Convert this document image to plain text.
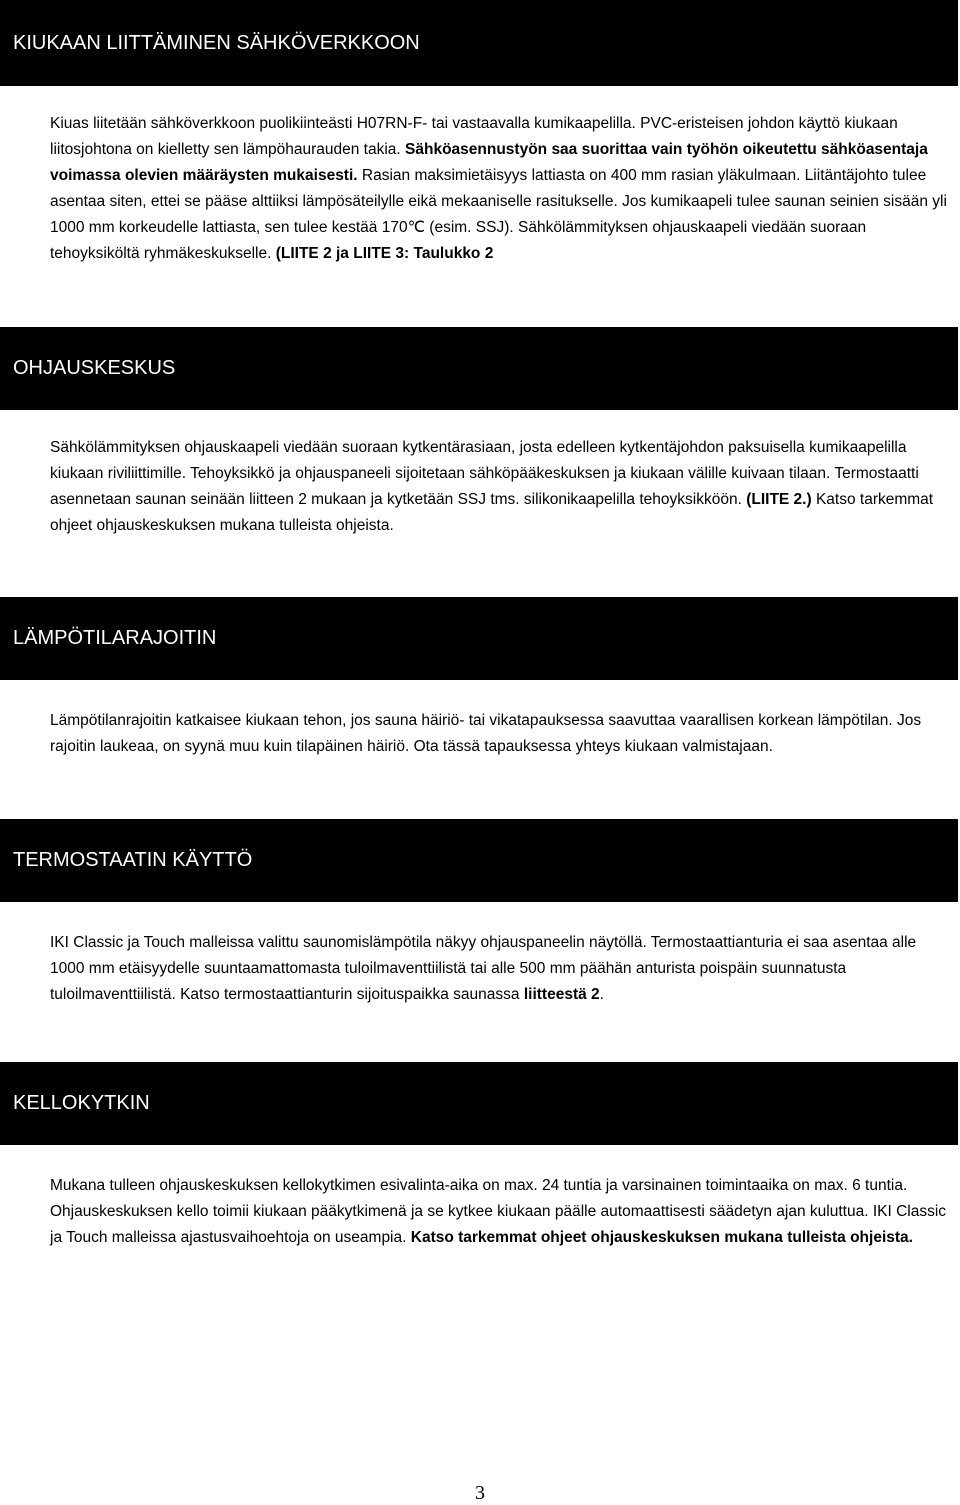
KIUKAAN LIITTÄMINEN SÄHKÖVERKKOON

Kiuas liitetään sähköverkkoon puolikiinteästi H07RN-F- tai vastaavalla kumikaapelilla. PVC-eristeisen johdon käyttö kiukaan liitosjohtona on kielletty sen lämpöhaurauden takia. Sähköasennustyön saa suorittaa vain työhön oikeutettu sähköasentaja voimassa olevien määräysten mukaisesti. Rasian maksimietäisyys lattiasta on 400 mm rasian yläkulmaan. Liitäntäjohto tulee asentaa siten, ettei se pääse alttiiksi lämpösäteilylle eikä mekaaniselle rasitukselle. Jos kumikaapeli tulee saunan seinien sisään yli 1000 mm korkeudelle lattiasta, sen tulee kestää 170℃ (esim. SSJ). Sähkölämmityksen ohjauskaapeli viedään suoraan tehoyksiköltä ryhmäkeskukselle. (LIITE 2 ja LIITE 3: Taulukko 2

OHJAUSKESKUS

Sähkölämmityksen ohjauskaapeli viedään suoraan kytkentärasiaan, josta edelleen kytkentäjohdon paksuisella kumikaapelilla kiukaan riviliittimille. Tehoyksikkö ja ohjauspaneeli sijoitetaan sähköpääkeskuksen ja kiukaan välille kuivaan tilaan. Termostaatti asennetaan saunan seinään liitteen 2 mukaan ja kytketään SSJ tms. silikonikaapelilla tehoyksikköön. (LIITE 2.) Katso tarkemmat ohjeet ohjauskeskuksen mukana tulleista ohjeista.

LÄMPÖTILARAJOITIN

Lämpötilanrajoitin katkaisee kiukaan tehon, jos sauna häiriö- tai vikatapauksessa saavuttaa vaarallisen korkean lämpötilan. Jos rajoitin laukeaa, on syynä muu kuin tilapäinen häiriö. Ota tässä tapauksessa yhteys kiukaan valmistajaan.

TERMOSTAATIN KÄYTTÖ

IKI Classic ja Touch malleissa valittu saunomislämpötila näkyy ohjauspaneelin näytöllä. Termostaattianturia ei saa asentaa alle 1000 mm etäisyydelle suuntaamattomasta tuloilmaventtiilistä tai alle 500 mm päähän anturista poispäin suunnatusta tuloilmaventtiilistä. Katso termostaattianturin sijoituspaikka saunassa liitteestä 2.

KELLOKYTKIN

Mukana tulleen ohjauskeskuksen kellokytkimen esivalinta-aika on max. 24 tuntia ja varsinainen toimintaaika on max. 6 tuntia. Ohjauskeskuksen kello toimii kiukaan pääkytkimenä ja se kytkee kiukaan päälle automaattisesti säädetyn ajan kuluttua. IKI Classic ja Touch malleissa ajastusvaihoehtoja on useampia. Katso tarkemmat ohjeet ohjauskeskuksen mukana tulleista ohjeista.

3
